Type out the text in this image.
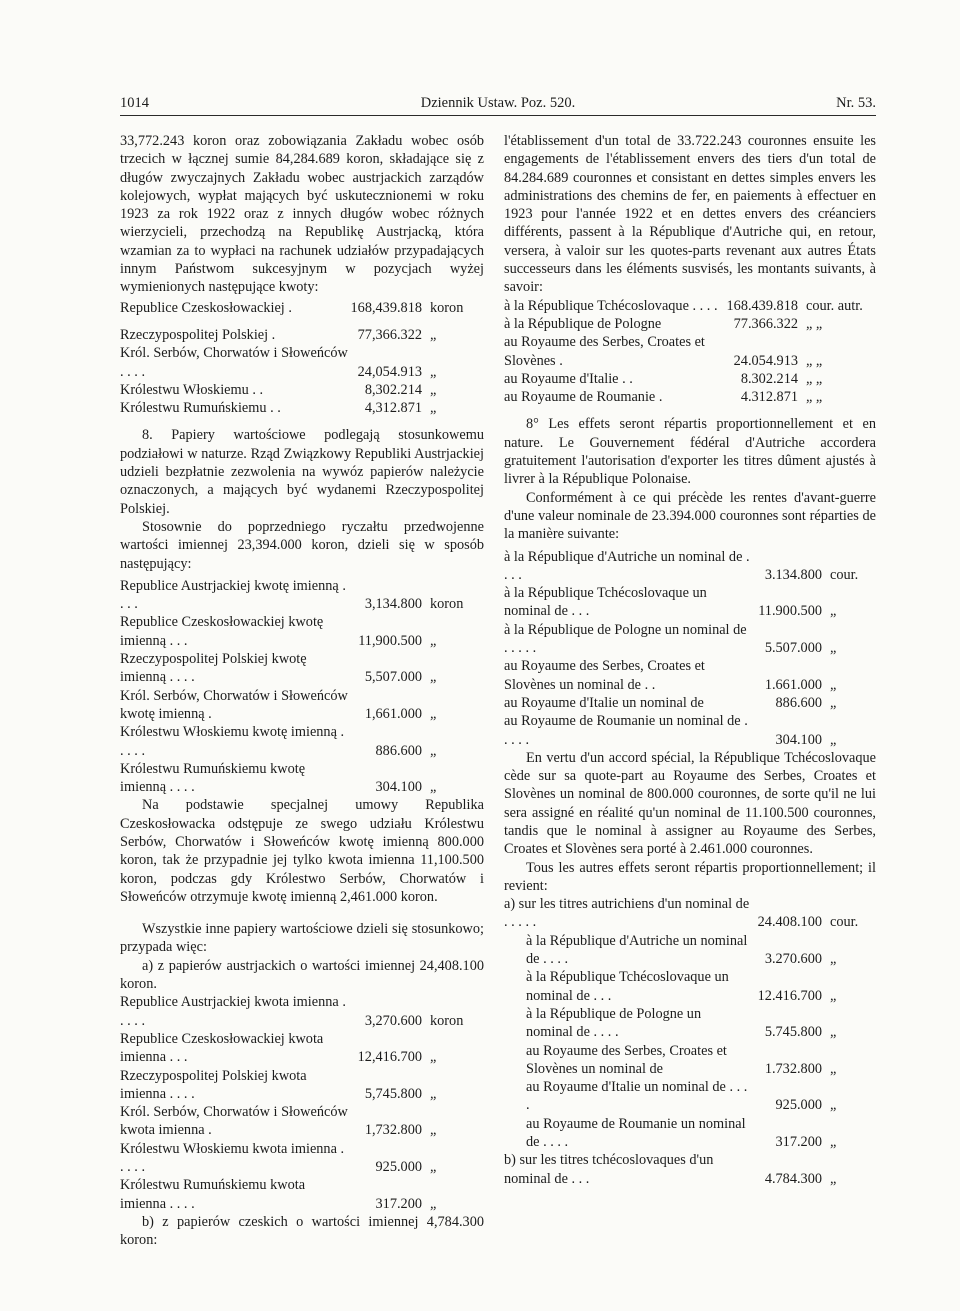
1014	Dziennik Ustaw. Poz. 520.	Nr. 53.

33,772.243 koron oraz zobowiązania Zakładu wobec osób trzecich w łącznej sumie 84,284.689 koron, składające się z długów zwyczajnych Zakładu wobec austrjackich zarządów kolejowych, wypłat mających być uskutecznionemi w roku 1923 za rok 1922 oraz z innych długów wobec różnych wierzycieli, przechodzą na Republikę Austrjacką, która wzamian za to wypłaci na rachunek udziałów przypadających innym Państwom sukcesyjnym w pozycjach wyżej wymienionych następujące kwoty:

Republice Czeskosłowackiej .	168,439.818 koron
Rzeczypospolitej Polskiej .	77,366.322 „
Król. Serbów, Chorwatów i Słoweńców . . . .	24,054.913 „
Królestwu Włoskiemu . .	8,302.214 „
Królestwu Rumuńskiemu . .	4,312.871 „

8. Papiery wartościowe podlegają stosunkowemu podziałowi w naturze. Rząd Związkowy Republiki Austrjackiej udzieli bezpłatnie zezwolenia na wywóz papierów należycie oznaczonych, a mających być wydanemi Rzeczypospolitej Polskiej.

Stosownie do poprzedniego ryczałtu przedwojenne wartości imiennej 23,394.000 koron, dzieli się w sposób następujący:

Republice Austrjackiej kwotę imienną . . . .	3,134.800 koron
Republice Czeskosłowackiej kwotę imienną . . .	11,900.500 „
Rzeczypospolitej Polskiej kwotę imienną . . . .	5,507.000 „
Król. Serbów, Chorwatów i Słoweńców kwotę imienną .	1,661.000 „
Królestwu Włoskiemu kwotę imienną . . . . .	886.600 „
Królestwu Rumuńskiemu kwotę imienną . . . .	304.100 „

Na podstawie specjalnej umowy Republika Czeskosłowacka odstępuje ze swego udziału Królestwu Serbów, Chorwatów i Słoweńców kwotę imienną 800.000 koron, tak że przypadnie jej tylko kwota imienna 11,100.500 koron, podczas gdy Królestwo Serbów, Chorwatów i Słoweńców otrzymuje kwotę imienną 2,461.000 koron.

Wszystkie inne papiery wartościowe dzieli się stosunkowo; przypada więc:

a) z papierów austrjackich o wartości imiennej 24,408.100 koron.

Republice Austrjackiej kwota imienna . . . . .	3,270.600 koron
Republice Czeskosłowackiej kwota imienna . . .	12,416.700 „
Rzeczypospolitej Polskiej kwota imienna . . . .	5,745.800 „
Król. Serbów, Chorwatów i Słoweńców kwota imienna .	1,732.800 „
Królestwu Włoskiemu kwota imienna . . . . .	925.000 „
Królestwu Rumuńskiemu kwota imienna . . . .	317.200 „

b) z papierów czeskich o wartości imiennej 4,784.300 koron:

l'établissement d'un total de 33.722.243 couronnes ensuite les engagements de l'établissement envers des tiers d'un total de 84.284.689 couronnes et consistant en dettes simples envers les administrations des chemins de fer, en paiements à effectuer en 1923 pour l'année 1922 et en dettes envers des créanciers différents, passent à la République d'Autriche qui, en retour, versera, à valoir sur les quotes-parts revenant aux autres États successeurs dans les éléments susvisés, les montants suivants, à savoir:

à la République Tchécoslovaque . . . . 168.439.818 cour. autr.
à la République de Pologne	77.366.322 „ „
au Royaume des Serbes, Croates et Slovènes .	24.054.913 „ „
au Royaume d'Italie . .	8.302.214 „ „
au Royaume de Roumanie .	4.312.871 „ „

8° Les effets seront répartis proportionnellement et en nature. Le Gouvernement fédéral d'Autriche accordera gratuitement l'autorisation d'exporter les titres dûment ajustés à livrer à la République Polonaise.

Conformément à ce qui précède les rentes d'avant-guerre d'une valeur nominale de 23.394.000 couronnes sont réparties de la manière suivante:

à la République d'Autriche un nominal de . . . .	3.134.800 cour.
à la République Tchécoslovaque un nominal de . . .	11.900.500 „
à la République de Pologne un nominal de . . . . .	5.507.000 „
au Royaume des Serbes, Croates et Slovènes un nominal de . .	1.661.000 „
au Royaume d'Italie un nominal de	886.600 „
au Royaume de Roumanie un nominal de . . . . .	304.100 „

En vertu d'un accord spécial, la République Tchécoslovaque cède sur sa quote-part au Royaume des Serbes, Croates et Slovènes un nominal de 800.000 couronnes, de sorte qu'il ne lui sera assigné en réalité qu'un nominal de 11.100.500 couronnes, tandis que le nominal à assigner au Royaume des Serbes, Croates et Slovènes sera porté à 2.461.000 couronnes.

Tous les autres effets seront répartis proportionnellement; il revient:

a) sur les titres autrichiens d'un nominal de . . . . .	24.408.100 cour.
à la République d'Autriche un nominal de . . . .	3.270.600 „
à la République Tchécoslovaque un nominal de . . .	12.416.700 „
à la République de Pologne un nominal de . . . .	5.745.800 „
au Royaume des Serbes, Croates et Slovènes un nominal de	1.732.800 „
au Royaume d'Italie un nominal de . . . .	925.000 „
au Royaume de Roumanie un nominal de . . . .	317.200 „
b) sur les titres tchécoslovaques d'un nominal de . . .	4.784.300 „
